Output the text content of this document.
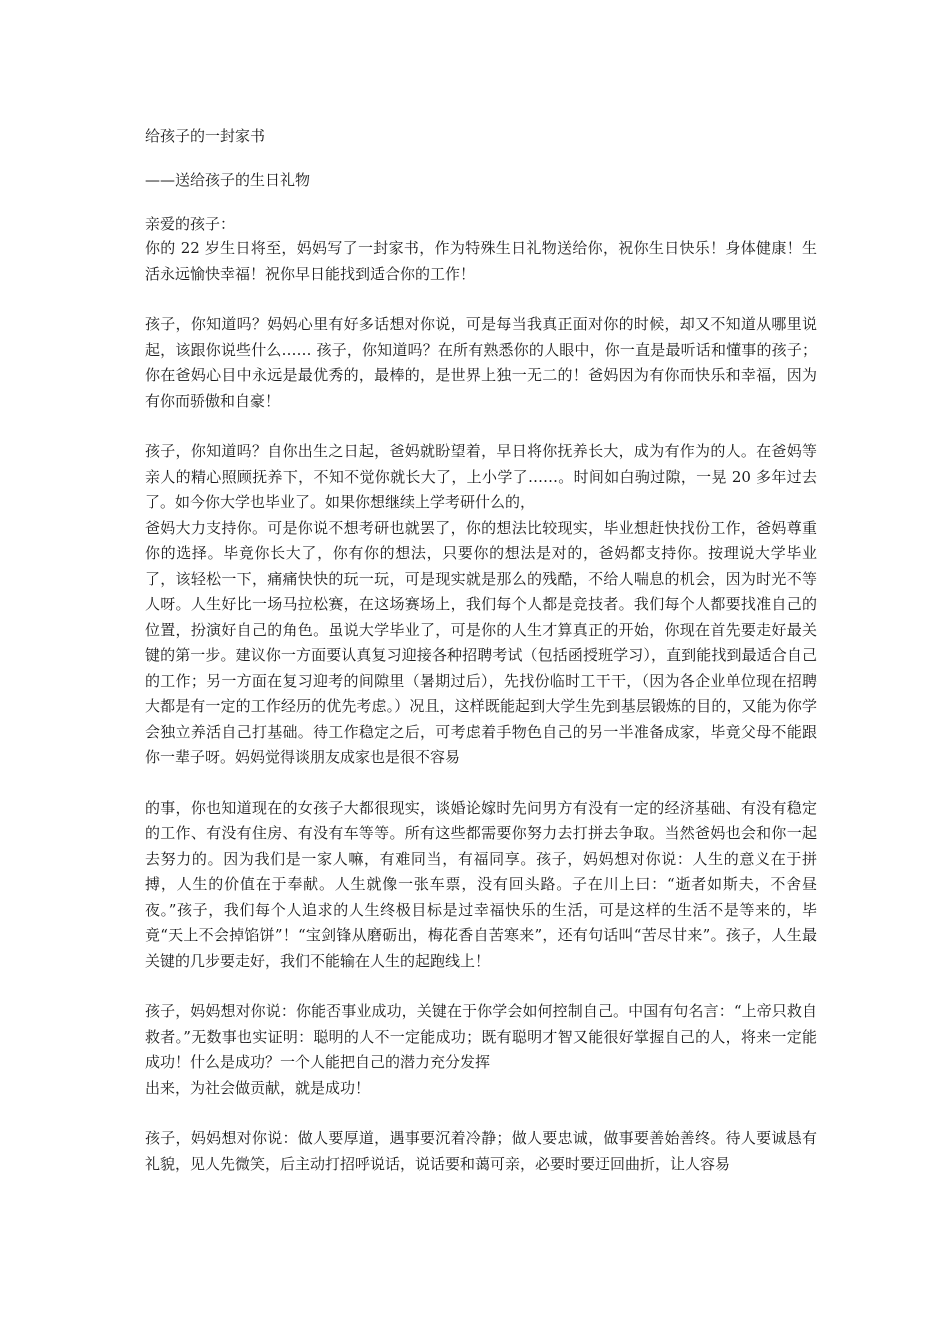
给孩子的一封家书

——送给孩子的生日礼物

亲爱的孩子：

你的 22 岁生日将至，妈妈写了一封家书，作为特殊生日礼物送给你，祝你生日快乐！身体健康！生活永远愉快幸福！祝你早日能找到适合你的工作！

孩子，你知道吗？妈妈心里有好多话想对你说，可是每当我真正面对你的时候，却又不知道从哪里说起，该跟你说些什么…… 孩子，你知道吗？在所有熟悉你的人眼中，你一直是最听话和懂事的孩子；你在爸妈心目中永远是最优秀的，最棒的，是世界上独一无二的！爸妈因为有你而快乐和幸福，因为有你而骄傲和自豪！

孩子，你知道吗？自你出生之日起，爸妈就盼望着，早日将你抚养长大，成为有作为的人。在爸妈等亲人的精心照顾抚养下，不知不觉你就长大了，上小学了……。时间如白驹过隙，一晃 20 多年过去了。如今你大学也毕业了。如果你想继续上学考研什么的，

爸妈大力支持你。可是你说不想考研也就罢了，你的想法比较现实，毕业想赶快找份工作，爸妈尊重你的选择。毕竟你长大了，你有你的想法，只要你的想法是对的，爸妈都支持你。按理说大学毕业了，该轻松一下，痛痛快快的玩一玩，可是现实就是那么的残酷，不给人喘息的机会，因为时光不等人呀。人生好比一场马拉松赛，在这场赛场上，我们每个人都是竞技者。我们每个人都要找准自己的位置，扮演好自己的角色。虽说大学毕业了，可是你的人生才算真正的开始，你现在首先要走好最关键的第一步。建议你一方面要认真复习迎接各种招聘考试（包括函授班学习），直到能找到最适合自己的工作；另一方面在复习迎考的间隙里（暑期过后），先找份临时工干干，（因为各企业单位现在招聘大都是有一定的工作经历的优先考虑。）况且，这样既能起到大学生先到基层锻炼的目的，又能为你学会独立养活自己打基础。待工作稳定之后，可考虑着手物色自己的另一半准备成家，毕竟父母不能跟你一辈子呀。妈妈觉得谈朋友成家也是很不容易

的事，你也知道现在的女孩子大都很现实，谈婚论嫁时先问男方有没有一定的经济基础、有没有稳定的工作、有没有住房、有没有车等等。所有这些都需要你努力去打拼去争取。当然爸妈也会和你一起去努力的。因为我们是一家人嘛，有难同当，有福同享。孩子，妈妈想对你说：人生的意义在于拼搏，人生的价值在于奉献。人生就像一张车票，没有回头路。子在川上曰：“逝者如斯夫，不舍昼夜。”孩子，我们每个人追求的人生终极目标是过幸福快乐的生活，可是这样的生活不是等来的，毕竟“天上不会掉馅饼”！“宝剑锋从磨砺出，梅花香自苦寒来”，还有句话叫“苦尽甘来”。孩子，人生最关键的几步要走好，我们不能输在人生的起跑线上！

孩子，妈妈想对你说：你能否事业成功，关键在于你学会如何控制自己。中国有句名言：“上帝只救自救者。”无数事也实证明：聪明的人不一定能成功；既有聪明才智又能很好掌握自己的人，将来一定能成功！什么是成功？一个人能把自己的潜力充分发挥

出来，为社会做贡献，就是成功！

孩子，妈妈想对你说：做人要厚道，遇事要沉着冷静；做人要忠诚，做事要善始善终。待人要诚恳有礼貌，见人先微笑，后主动打招呼说话，说话要和蔼可亲，必要时要迂回曲折，让人容易
